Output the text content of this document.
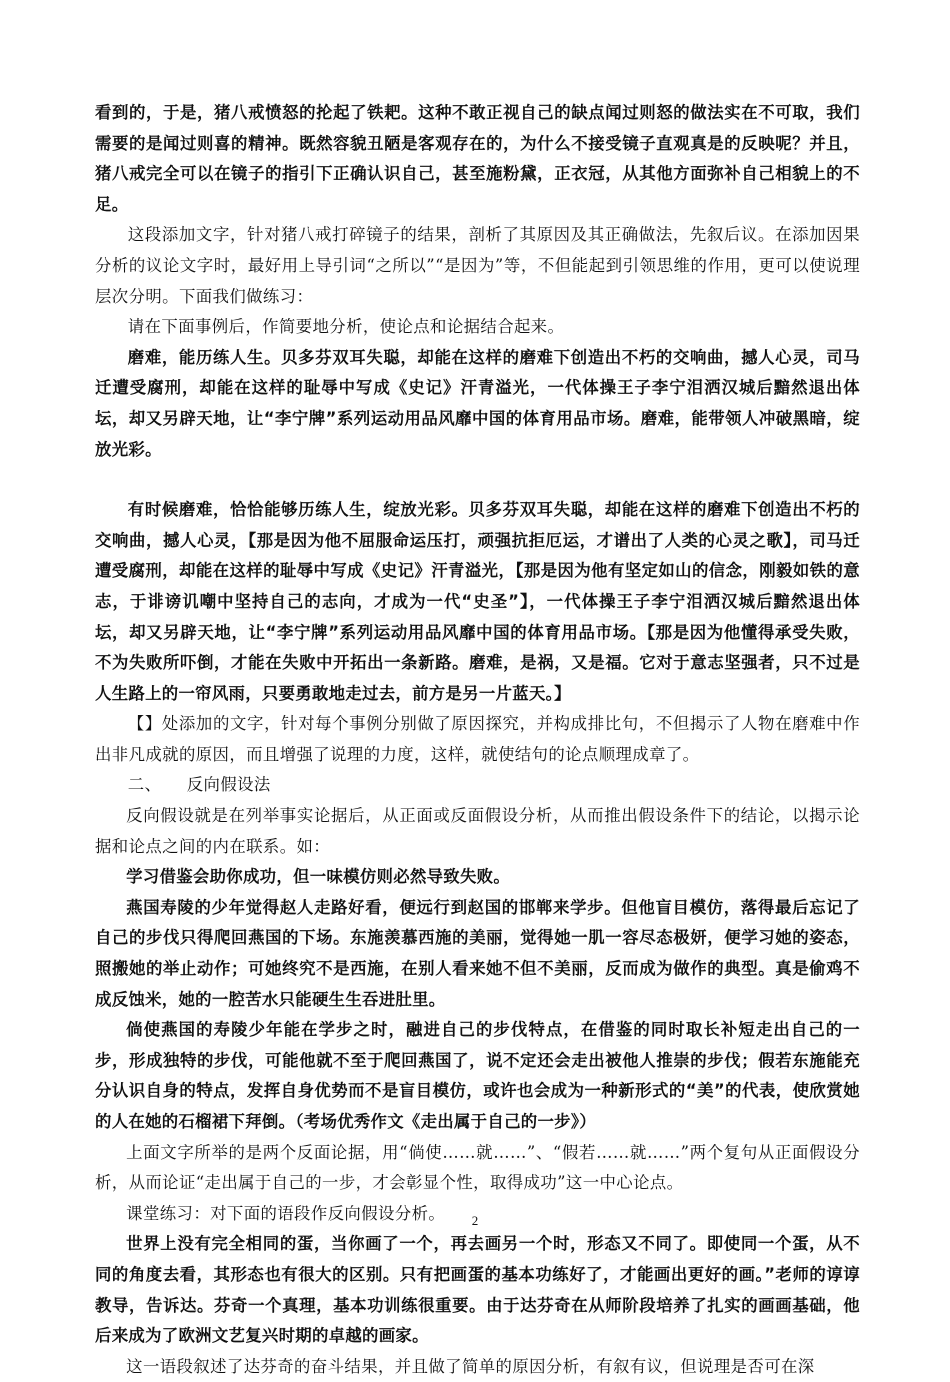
看到的，于是，猪八戒愤怒的抡起了铁耙。这种不敢正视自己的缺点闻过则怒的做法实在不可取，我们需要的是闻过则喜的精神。既然容貌丑陋是客观存在的，为什么不接受镜子直观真是的反映呢？并且，猪八戒完全可以在镜子的指引下正确认识自己，甚至施粉黛，正衣冠，从其他方面弥补自己相貌上的不足。

这段添加文字，针对猪八戒打碎镜子的结果，剖析了其原因及其正确做法，先叙后议。在添加因果分析的议论文字时，最好用上导引词“之所以”“是因为”等，不但能起到引领思维的作用，更可以使说理层次分明。下面我们做练习：

请在下面事例后，作简要地分析，使论点和论据结合起来。

磨难，能历练人生。贝多芬双耳失聪，却能在这样的磨难下创造出不朽的交响曲，撼人心灵，司马迁遭受腐刑，却能在这样的耻辱中写成《史记》汗青溢光，一代体操王子李宁泪洒汉城后黯然退出体坛，却又另辟天地，让“李宁牌”系列运动用品风靡中国的体育用品市场。磨难，能带领人冲破黑暗，绽放光彩。

有时候磨难，恰恰能够历练人生，绽放光彩。贝多芬双耳失聪，却能在这样的磨难下创造出不朽的交响曲，撼人心灵，【那是因为他不屈服命运压打，顽强抗拒厄运，才谱出了人类的心灵之歌】，司马迁遭受腐刑，却能在这样的耻辱中写成《史记》汗青溢光，【那是因为他有坚定如山的信念，刚毅如铁的意志，于诽谤讥嘲中坚持自己的志向，才成为一代“史圣”】，一代体操王子李宁泪洒汉城后黯然退出体坛，却又另辟天地，让“李宁牌”系列运动用品风靡中国的体育用品市场。【那是因为他懂得承受失败，不为失败所吓倒，才能在失败中开拓出一条新路。磨难，是祸，又是福。它对于意志坚强者，只不过是人生路上的一帘风雨，只要勇敢地走过去，前方是另一片蓝天。】

【】处添加的文字，针对每个事例分别做了原因探究，并构成排比句，不但揭示了人物在磨难中作出非凡成就的原因，而且增强了说理的力度，这样，就使结句的论点顺理成章了。

二、　　反向假设法

反向假设就是在列举事实论据后，从正面或反面假设分析，从而推出假设条件下的结论，以揭示论据和论点之间的内在联系。如：

学习借鉴会助你成功，但一味模仿则必然导致失败。

燕国寿陵的少年觉得赵人走路好看，便远行到赵国的邯郸来学步。但他盲目模仿，落得最后忘记了自己的步伐只得爬回燕国的下场。东施羡慕西施的美丽，觉得她一肌一容尽态极妍，便学习她的姿态，照搬她的举止动作；可她终究不是西施，在别人看来她不但不美丽，反而成为做作的典型。真是偷鸡不成反蚀米，她的一腔苦水只能硬生生吞进肚里。

倘使燕国的寿陵少年能在学步之时，融进自己的步伐特点，在借鉴的同时取长补短走出自己的一步，形成独特的步伐，可能他就不至于爬回燕国了，说不定还会走出被他人推崇的步伐；假若东施能充分认识自身的特点，发挥自身优势而不是盲目模仿，或许也会成为一种新形式的“美”的代表，使欣赏她的人在她的石榴裙下拜倒。（考场优秀作文《走出属于自己的一步》）

上面文字所举的是两个反面论据，用“倘使……就……”、“假若……就……”两个复句从正面假设分析，从而论证“走出属于自己的一步，才会彰显个性，取得成功”这一中心论点。

课堂练习：对下面的语段作反向假设分析。

世界上没有完全相同的蛋，当你画了一个，再去画另一个时，形态又不同了。即使同一个蛋，从不同的角度去看，其形态也有很大的区别。只有把画蛋的基本功练好了，才能画出更好的画。”老师的谆谆教导，告诉达。芬奇一个真理，基本功训练很重要。由于达芬奇在从师阶段培养了扎实的画画基础，他后来成为了欧洲文艺复兴时期的卓越的画家。

这一语段叙述了达芬奇的奋斗结果，并且做了简单的原因分析，有叙有议，但说理是否可在深

2
